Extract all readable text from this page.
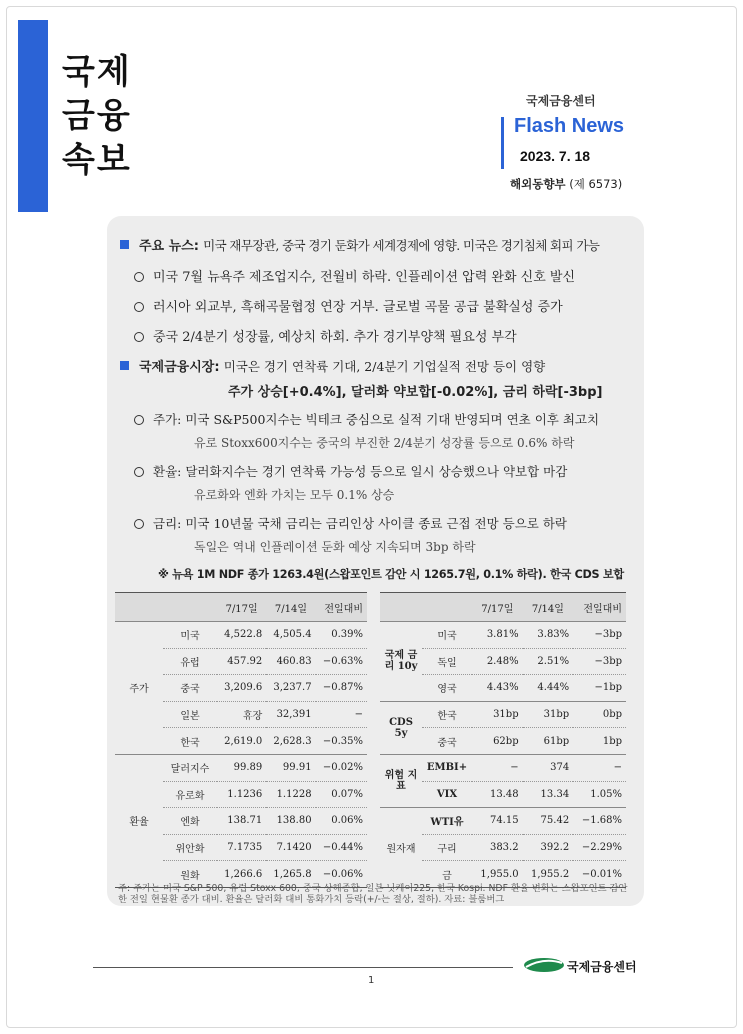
국제
금융
속보
국제금융센터
Flash News
2023. 7. 18
해외동향부 (제 6573)
주요 뉴스: 미국 재무장관, 중국 경기 둔화가 세계경제에 영향. 미국은 경기침체 회피 가능
미국 7월 뉴욕주 제조업지수, 전월비 하락. 인플레이션 압력 완화 신호 발신
러시아 외교부, 흑해곡물협정 연장 거부. 글로벌 곡물 공급 불확실성 증가
중국 2/4분기 성장률, 예상치 하회. 추가 경기부양책 필요성 부각
국제금융시장: 미국은 경기 연착륙 기대, 2/4분기 기업실적 전망 등이 영향
주가 상승[+0.4%], 달러화 약보합[-0.02%], 금리 하락[-3bp]
주가: 미국 S&P500지수는 빅테크 중심으로 실적 기대 반영되며 연초 이후 최고치
유로 Stoxx600지수는 중국의 부진한 2/4분기 성장률 등으로 0.6% 하락
환율: 달러화지수는 경기 연착륙 가능성 등으로 일시 상승했으나 약보합 마감
유로화와 엔화 가치는 모두 0.1% 상승
금리: 미국 10년물 국채 금리는 금리인상 사이클 종료 근접 전망 등으로 하락
독일은 역내 인플레이션 둔화 예상 지속되며 3bp 하락
※ 뉴욕 1M NDF 종가 1263.4원(스왑포인트 감안 시 1265.7원, 0.1% 하락). 한국 CDS 보합
		7/17일	7/14일	전일대비
주가	미국	4,522.8	4,505.4	0.39%
	유럽	457.92	460.83	−0.63%
	중국	3,209.6	3,237.7	−0.87%
	일본	휴장	32,391	−
	한국	2,619.0	2,628.3	−0.35%
환율	달러지수	99.89	99.91	−0.02%
	유로화	1.1236	1.1228	0.07%
	엔화	138.71	138.80	0.06%
	위안화	7.1735	7.1420	−0.44%
	원화	1,266.6	1,265.8	−0.06%
		7/17일	7/14일	전일대비
국제 금리 10y	미국	3.81%	3.83%	−3bp
	독일	2.48%	2.51%	−3bp
	영국	4.43%	4.44%	−1bp
CDS 5y	한국	31bp	31bp	0bp
	중국	62bp	61bp	1bp
위험 지표	EMBI+	−	374	−
	VIX	13.48	13.34	1.05%
원자재	WTI유	74.15	75.42	−1.68%
	구리	383.2	392.2	−2.29%
	금	1,955.0	1,955.2	−0.01%
주: 주가는 미국 S&P 500, 유럽 Stoxx 600, 중국 상해종합, 일본 닛케이225, 한국 Kospi. NDF 환율 변화는 스왑포인트 감안한 전일 현물환 종가 대비. 환율은 달러화 대비 통화가치 등락(+/-는 절상, 절하). 자료: 블룸버그
1
국제금융센터
